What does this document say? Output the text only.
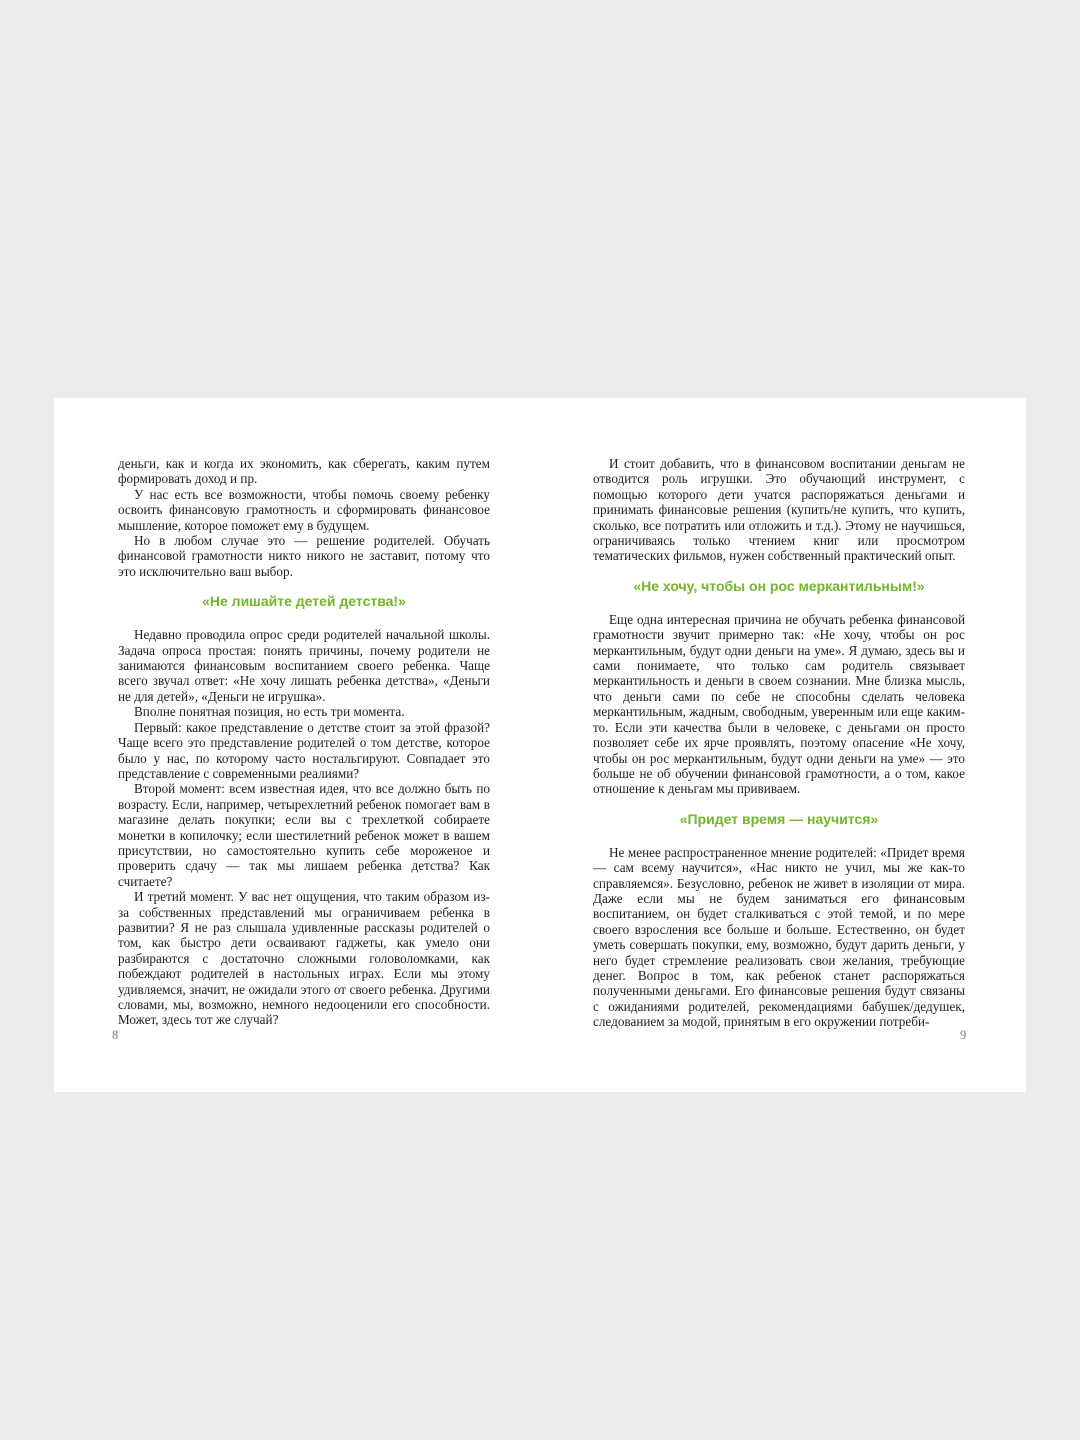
деньги, как и когда их экономить, как сберегать, каким путем формировать доход и пр.

У нас есть все возможности, чтобы помочь своему ребенку освоить финансовую грамотность и сформировать финансовое мышление, которое поможет ему в будущем.

Но в любом случае это — решение родителей. Обучать финансовой грамотности никто никого не заставит, потому что это исключительно ваш выбор.

«Не лишайте детей детства!»

Недавно проводила опрос среди родителей начальной школы. Задача опроса простая: понять причины, почему родители не занимаются финансовым воспитанием своего ребенка. Чаще всего звучал ответ: «Не хочу лишать ребенка детства», «Деньги не для детей», «Деньги не игрушка».

Вполне понятная позиция, но есть три момента.

Первый: какое представление о детстве стоит за этой фразой? Чаще всего это представление родителей о том детстве, которое было у нас, по которому часто ностальгируют. Совпадает это представление с современными реалиями?

Второй момент: всем известная идея, что все должно быть по возрасту. Если, например, четырехлетний ребенок помогает вам в магазине делать покупки; если вы с трехлеткой собираете монетки в копилочку; если шестилетний ребенок может в вашем присутствии, но самостоятельно купить себе мороженое и проверить сдачу — так мы лишаем ребенка детства? Как считаете?

И третий момент. У вас нет ощущения, что таким образом из-за собственных представлений мы ограничиваем ребенка в развитии? Я не раз слышала удивленные рассказы родителей о том, как быстро дети осваивают гаджеты, как умело они разбираются с достаточно сложными головоломками, как побеждают родителей в настольных играх. Если мы этому удивляемся, значит, не ожидали этого от своего ребенка. Другими словами, мы, возможно, немного недооценили его способности. Может, здесь тот же случай?

И стоит добавить, что в финансовом воспитании деньгам не отводится роль игрушки. Это обучающий инструмент, с помощью которого дети учатся распоряжаться деньгами и принимать финансовые решения (купить/не купить, что купить, сколько, все потратить или отложить и т.д.). Этому не научишься, ограничиваясь только чтением книг или просмотром тематических фильмов, нужен собственный практический опыт.

«Не хочу, чтобы он рос меркантильным!»

Еще одна интересная причина не обучать ребенка финансовой грамотности звучит примерно так: «Не хочу, чтобы он рос меркантильным, будут одни деньги на уме». Я думаю, здесь вы и сами понимаете, что только сам родитель связывает меркантильность и деньги в своем сознании. Мне близка мысль, что деньги сами по себе не способны сделать человека меркантильным, жадным, свободным, уверенным или еще каким-то. Если эти качества были в человеке, с деньгами он просто позволяет себе их ярче проявлять, поэтому опасение «Не хочу, чтобы он рос меркантильным, будут одни деньги на уме» — это больше не об обучении финансовой грамотности, а о том, какое отношение к деньгам мы прививаем.

«Придет время — научится»

Не менее распространенное мнение родителей: «Придет время — сам всему научится», «Нас никто не учил, мы же как-то справляемся». Безусловно, ребенок не живет в изоляции от мира. Даже если мы не будем заниматься его финансовым воспитанием, он будет сталкиваться с этой темой, и по мере своего взросления все больше и больше. Естественно, он будет уметь совершать покупки, ему, возможно, будут дарить деньги, у него будет стремление реализовать свои желания, требующие денег. Вопрос в том, как ребенок станет распоряжаться полученными деньгами. Его финансовые решения будут связаны с ожиданиями родителей, рекомендациями бабушек/дедушек, следованием за модой, принятым в его окружении потреби-

8	9
